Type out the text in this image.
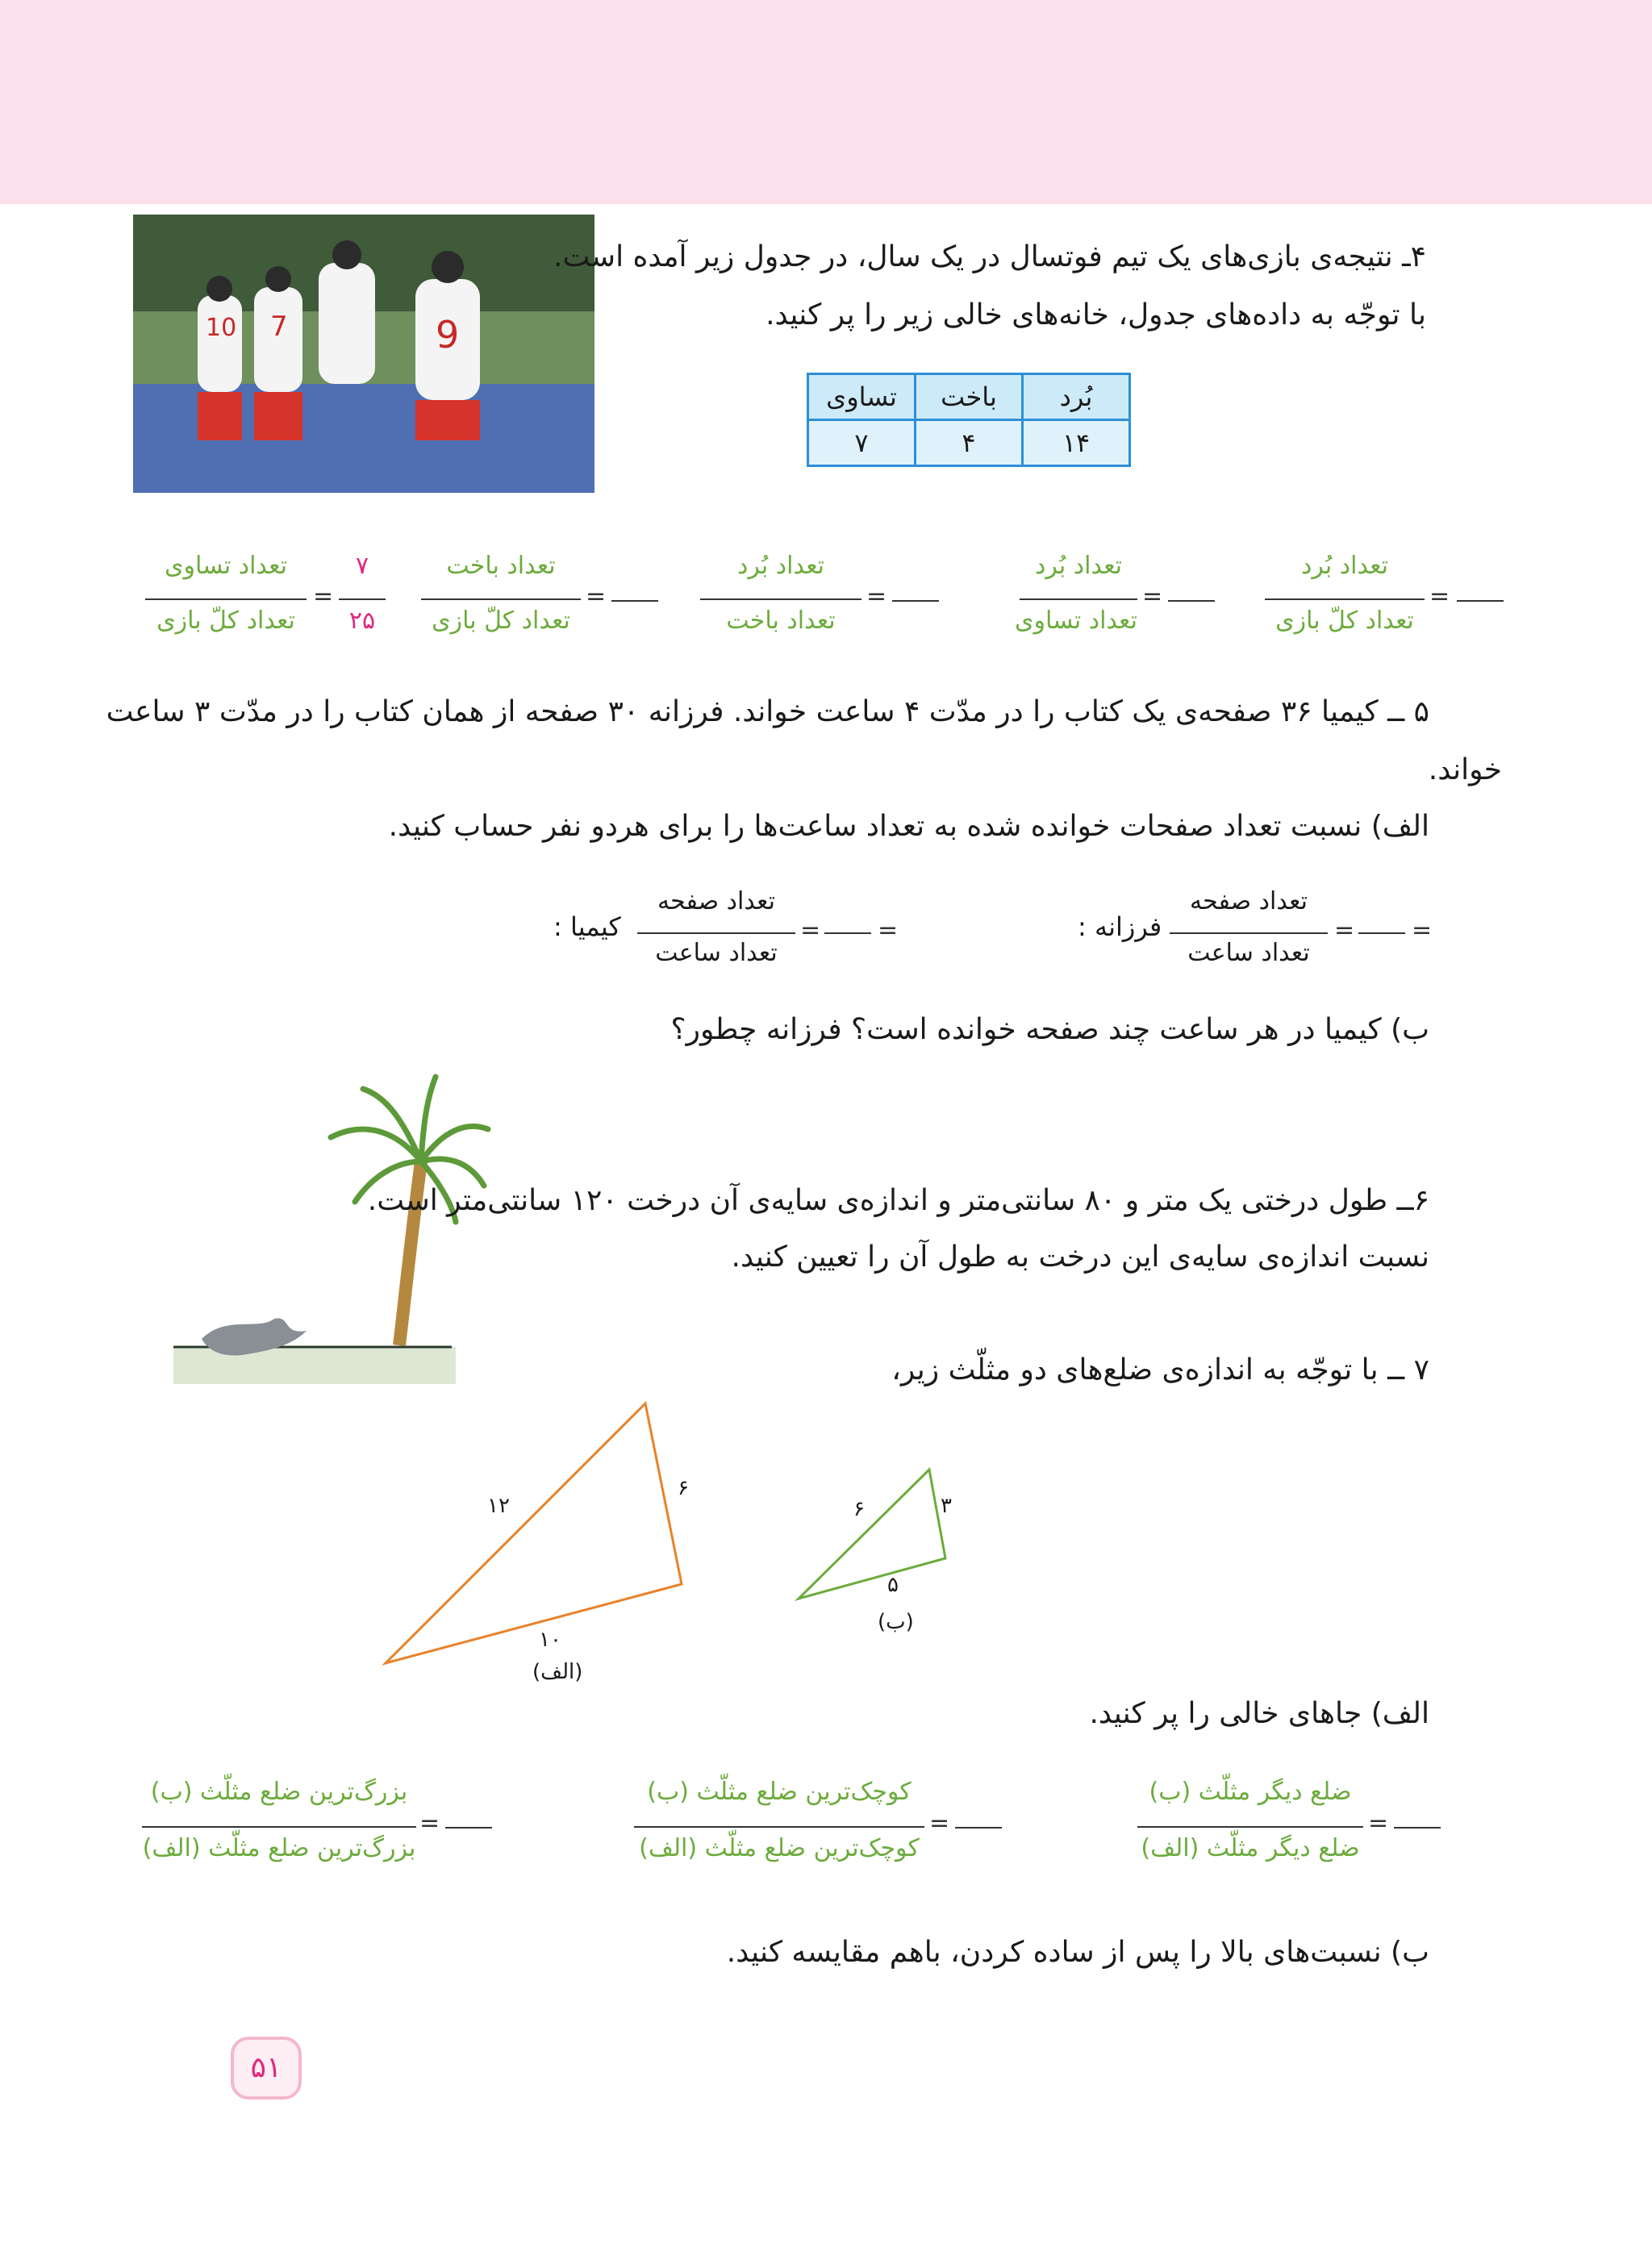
9
7
10
۴ـ نتیجه‌ی بازی‌های یک تیم فوتسال در یک سال، در جدول زیر آمده است.
با توجّه به داده‌های جدول، خانه‌های خالی زیر را پر کنید.
بُرد	باخت	تساوی
۱۴	۴	۷
=
تعداد بُرد
تعداد کلّ بازی
=
تعداد بُرد
تعداد تساوی
=
تعداد بُرد
تعداد باخت
=
تعداد باخت
تعداد کلّ بازی
۷
۲۵
=
تعداد تساوی
تعداد کلّ بازی
۵ ــ کیمیا ۳۶ صفحه‌ی یک کتاب را در مدّت ۴ ساعت خواند. فرزانه ۳۰ صفحه از همان کتاب را در مدّت ۳ ساعت
خواند.
الف) نسبت تعداد صفحات خوانده شده به تعداد ساعت‌ها را برای هردو نفر حساب کنید.
فرزانه :
تعداد صفحه
تعداد ساعت
= =
کیمیا :
تعداد صفحه
تعداد ساعت
= =
ب) کیمیا در هر ساعت چند صفحه خوانده است؟ فرزانه چطور؟
۶ــ طول درختی یک متر و ۸۰ سانتی‌متر و اندازه‌ی سایه‌ی آن درخت ۱۲۰ سانتی‌متر است.
نسبت اندازه‌ی سایه‌ی این درخت به طول آن را تعیین کنید.
۷ ــ با توجّه به اندازه‌ی ضلع‌های دو مثلّث زیر،
۱۲
۶
۱۰
(الف)
۶	۳
۵
(ب)
الف) جاهای خالی را پر کنید.
=
ضلع دیگر مثلّث (ب)
ضلع دیگر مثلّث (الف)
=
کوچک‌ترین ضلع مثلّث (ب)
کوچک‌ترین ضلع مثلّث (الف)
=
بزرگ‌ترین ضلع مثلّث (ب)
بزرگ‌ترین ضلع مثلّث (الف)
ب) نسبت‌های بالا را پس از ساده کردن، باهم مقایسه کنید.
۵۱
